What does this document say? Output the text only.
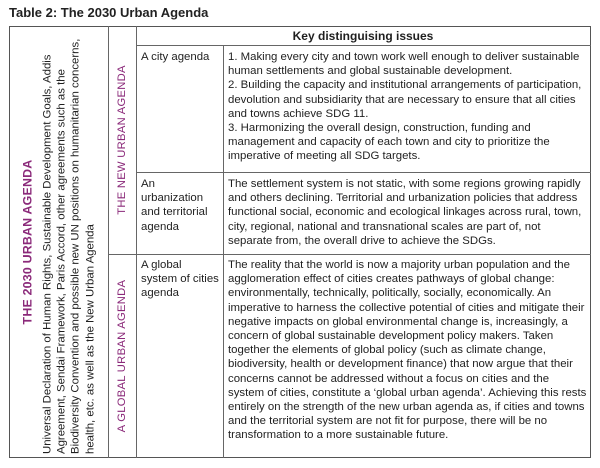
Table 2: The 2030 Urban Agenda
THE 2030 URBAN AGENDA Universal Declaration of Human Rights, Sustainable Development Goals, Addis Agreement, Sendai Framework, Paris Accord, other agreements such as the Biodiversity Convention and possible new UN positions on humanitarian concerns, health, etc. as well as the New Urban Agenda
THE NEW URBAN AGENDA
A GLOBAL URBAN AGENDA
Key distinguising issues
A city agenda	1. Making every city and town work well enough to deliver sustainable human settlements and global sustainable development.
2. Building the capacity and institutional arrangements of participation, devolution and subsidiarity that are necessary to ensure that all cities and towns achieve SDG 11.
3. Harmonizing the overall design, construction, funding and management and capacity of each town and city to prioritize the imperative of meeting all SDG targets.
An urbanization and territorial agenda
The settlement system is not static, with some regions growing rapidly and others declining. Territorial and urbanization policies that address functional social, economic and ecological linkages across rural, town, city, regional, national and transnational scales are part of, not separate from, the overall drive to achieve the SDGs.
A global system of cities agenda
The reality that the world is now a majority urban population and the agglomeration effect of cities creates pathways of global change: environmentally, technically, politically, socially, economically. An imperative to harness the collective potential of cities and mitigate their negative impacts on global environmental change is, increasingly, a concern of global sustainable development policy makers. Taken together the elements of global policy (such as climate change, biodiversity, health or development finance) that now argue that their concerns cannot be addressed without a focus on cities and the system of cities, constitute a ‘global urban agenda’. Achieving this rests entirely on the strength of the new urban agenda as, if cities and towns and the territorial system are not fit for purpose, there will be no transformation to a more sustainable future.
